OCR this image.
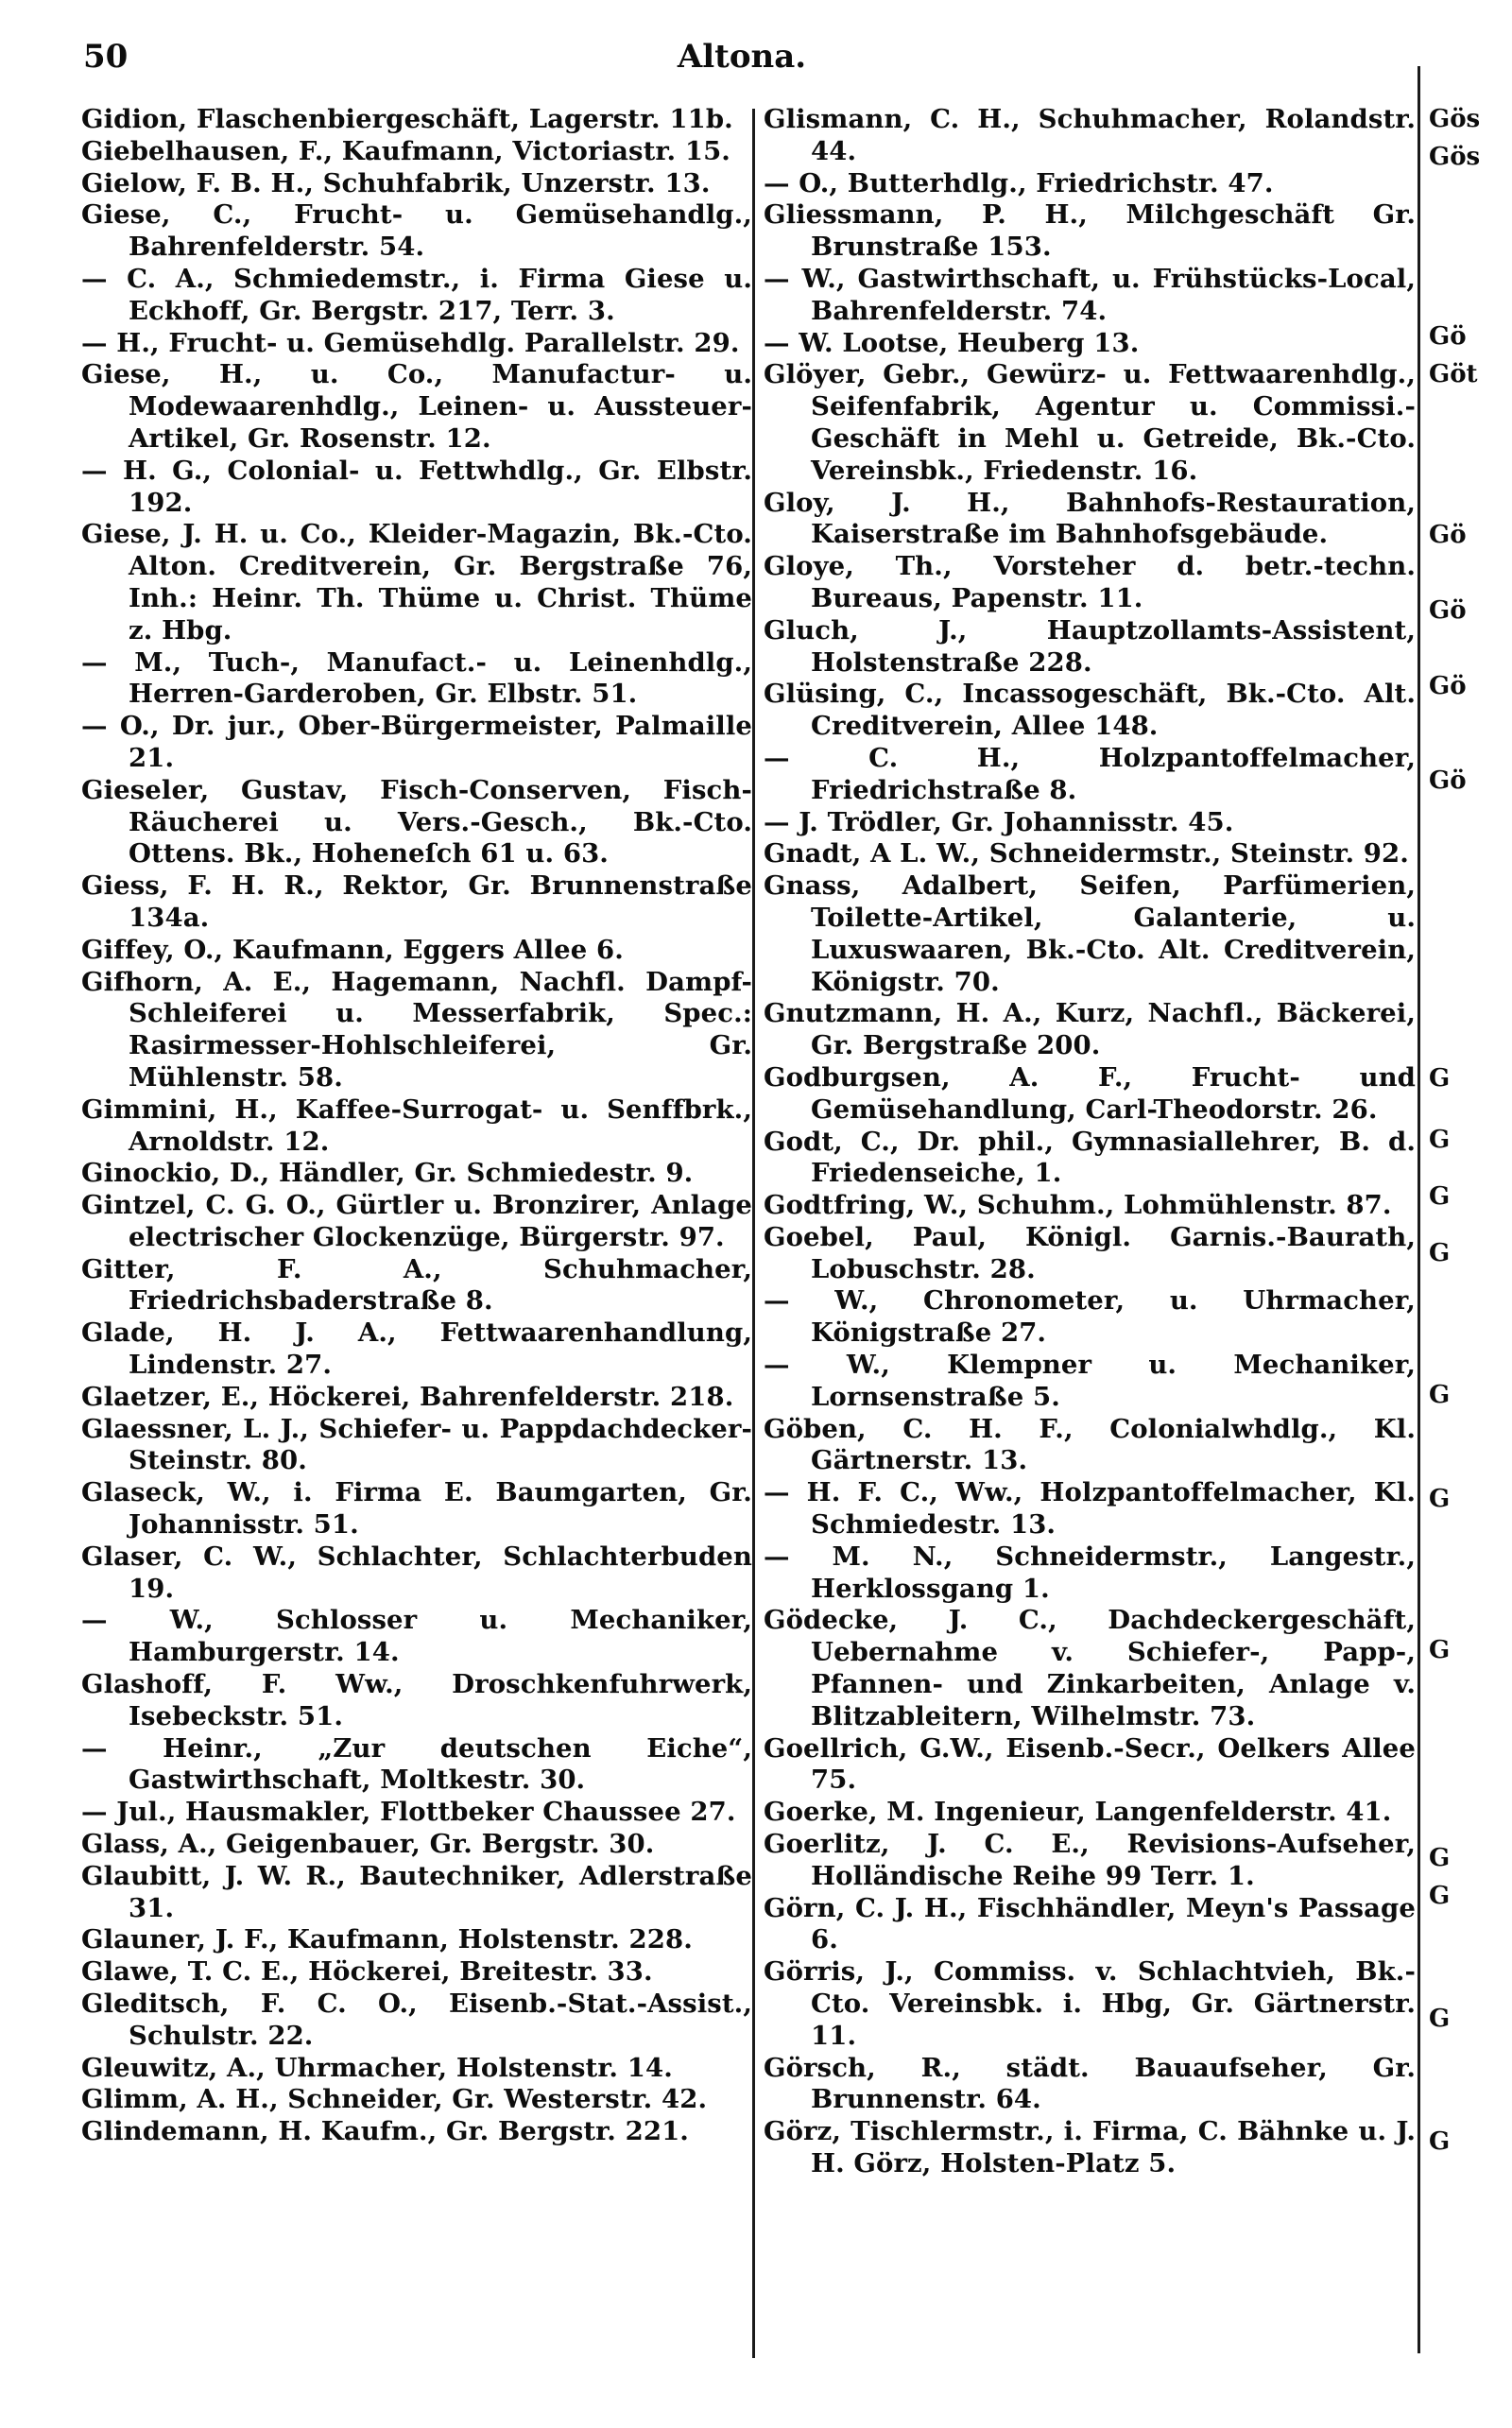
50	Altona.

Gidion, Flaschenbiergeschäft, Lagerstr. 11b.

Giebelhausen, F., Kaufmann, Victoriastr. 15.

Gielow, F. B. H., Schuhfabrik, Unzerstr. 13.

Giese, C., Frucht- u. Gemüsehandlg., Bahrenfelderstr. 54.

— C. A., Schmiedemstr., i. Firma Giese u. Eckhoff, Gr. Bergstr. 217, Terr. 3.

— H., Frucht- u. Gemüsehdlg. Parallelstr. 29.

Giese, H., u. Co., Manufactur- u. Modewaarenhdlg., Leinen- u. Aussteuer-Artikel, Gr. Rosenstr. 12.

— H. G., Colonial- u. Fettwhdlg., Gr. Elbstr. 192.

Giese, J. H. u. Co., Kleider-Magazin, Bk.-Cto. Alton. Creditverein, Gr. Bergstraße 76, Inh.: Heinr. Th. Thüme u. Christ. Thüme z. Hbg.

— M., Tuch-, Manufact.- u. Leinenhdlg., Herren-Garderoben, Gr. Elbstr. 51.

— O., Dr. jur., Ober-Bürgermeister, Palmaille 21.

Gieseler, Gustav, Fisch-Conserven, Fisch-Räucherei u. Vers.-Gesch., Bk.-Cto. Ottens. Bk., Hoheneſch 61 u. 63.

Giess, F. H. R., Rektor, Gr. Brunnenstraße 134a.

Giffey, O., Kaufmann, Eggers Allee 6.

Gifhorn, A. E., Hagemann, Nachfl. Dampf-Schleiferei u. Messerfabrik, Spec.: Rasirmesser-Hohlschleiferei, Gr. Mühlenstr. 58.

Gimmini, H., Kaffee-Surrogat- u. Senffbrk., Arnoldstr. 12.

Ginockio, D., Händler, Gr. Schmiedestr. 9.

Gintzel, C. G. O., Gürtler u. Bronzirer, Anlage electrischer Glockenzüge, Bürgerstr. 97.

Gitter, F. A., Schuhmacher, Friedrichsbaderstraße 8.

Glade, H. J. A., Fettwaarenhandlung, Lindenstr. 27.

Glaetzer, E., Höckerei, Bahrenfelderstr. 218.

Glaessner, L. J., Schiefer- u. Pappdachdecker-Steinstr. 80.

Glaseck, W., i. Firma E. Baumgarten, Gr. Johannisstr. 51.

Glaser, C. W., Schlachter, Schlachterbuden 19.

— W., Schlosser u. Mechaniker, Hamburgerstr. 14.

Glashoff, F. Ww., Droschkenfuhrwerk, Isebeckstr. 51.

— Heinr., „Zur deutschen Eiche“, Gastwirthschaft, Moltkestr. 30.

— Jul., Hausmakler, Flottbeker Chaussee 27.

Glass, A., Geigenbauer, Gr. Bergstr. 30.

Glaubitt, J. W. R., Bautechniker, Adlerstraße 31.

Glauner, J. F., Kaufmann, Holstenstr. 228.

Glawe, T. C. E., Höckerei, Breitestr. 33.

Gleditsch, F. C. O., Eisenb.-Stat.-Assist., Schulstr. 22.

Gleuwitz, A., Uhrmacher, Holstenstr. 14.

Glimm, A. H., Schneider, Gr. Westerstr. 42.

Glindemann, H. Kaufm., Gr. Bergstr. 221.

Glismann, C. H., Schuhmacher, Rolandstr. 44.

— O., Butterhdlg., Friedrichstr. 47.

Gliessmann, P. H., Milchgeschäft Gr. Brunstraße 153.

— W., Gastwirthschaft, u. Frühstücks-Local, Bahrenfelderstr. 74.

— W. Lootse, Heuberg 13.

Glöyer, Gebr., Gewürz- u. Fettwaarenhdlg., Seifenfabrik, Agentur u. Commissi.-Geschäft in Mehl u. Getreide, Bk.-Cto. Vereinsbk., Friedenstr. 16.

Gloy, J. H., Bahnhofs-Restauration, Kaiserstraße im Bahnhofsgebäude.

Gloye, Th., Vorsteher d. betr.-techn. Bureaus, Papenstr. 11.

Gluch, J., Hauptzollamts-Assistent, Holstenstraße 228.

Glüsing, C., Incassogeschäft, Bk.-Cto. Alt. Creditverein, Allee 148.

— C. H., Holzpantoffelmacher, Friedrichstraße 8.

— J. Trödler, Gr. Johannisstr. 45.

Gnadt, A L. W., Schneidermstr., Steinstr. 92.

Gnass, Adalbert, Seifen, Parfümerien, Toilette-Artikel, Galanterie, u. Luxuswaaren, Bk.-Cto. Alt. Creditverein, Königstr. 70.

Gnutzmann, H. A., Kurz, Nachfl., Bäckerei, Gr. Bergstraße 200.

Godburgsen, A. F., Frucht- und Gemüsehandlung, Carl-Theodorstr. 26.

Godt, C., Dr. phil., Gymnasiallehrer, B. d. Friedenseiche, 1.

Godtfring, W., Schuhm., Lohmühlenstr. 87.

Goebel, Paul, Königl. Garnis.-Baurath, Lobuschstr. 28.

— W., Chronometer, u. Uhrmacher, Königstraße 27.

— W., Klempner u. Mechaniker, Lornsenstraße 5.

Göben, C. H. F., Colonialwhdlg., Kl. Gärtnerstr. 13.

— H. F. C., Ww., Holzpantoffelmacher, Kl. Schmiedestr. 13.

— M. N., Schneidermstr., Langestr., Herklossgang 1.

Gödecke, J. C., Dachdeckergeschäft, Uebernahme v. Schiefer-, Papp-, Pfannen- und Zinkarbeiten, Anlage v. Blitzableitern, Wilhelmstr. 73.

Goellrich, G.W., Eisenb.-Secr., Oelkers Allee 75.

Goerke, M. Ingenieur, Langenfelderstr. 41.

Goerlitz, J. C. E., Revisions-Aufseher, Holländische Reihe 99 Terr. 1.

Görn, C. J. H., Fischhändler, Meyn's Passage 6.

Görris, J., Commiss. v. Schlachtvieh, Bk.-Cto. Vereinsbk. i. Hbg, Gr. Gärtnerstr. 11.

Görsch, R., städt. Bauaufseher, Gr. Brunnenstr. 64.

Görz, Tischlermstr., i. Firma, C. Bähnke u. J. H. Görz, Holsten-Platz 5.

Gös
Gös
Gö
Göt
Gö
Gö
Gö
Gö
G
G
G
G
G
G
G
G
G
G
G
